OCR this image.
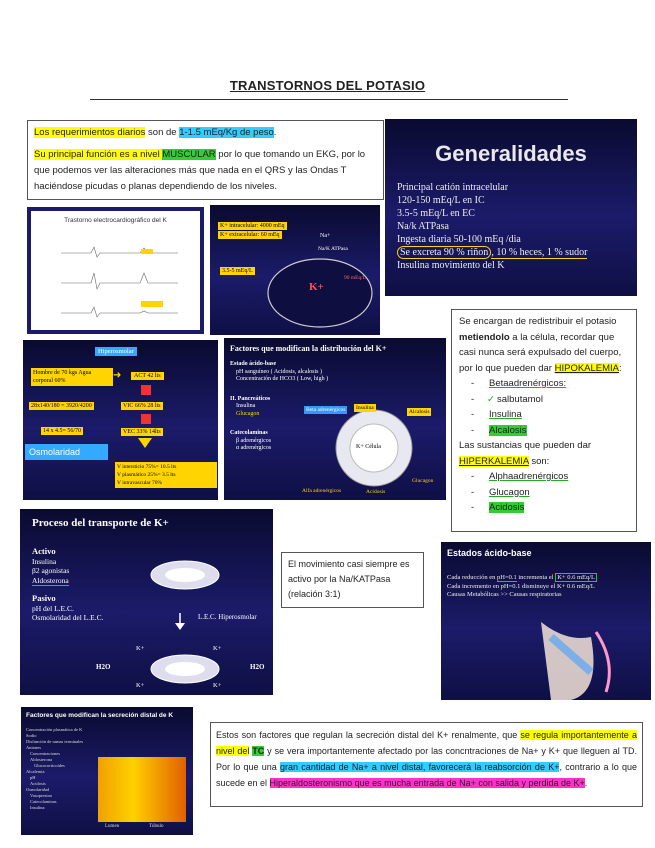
TRANSTORNOS DEL POTASIO
Los requerimientos diarios son de 1-1.5 mEq/Kg de peso.
Su principal función es a nivel MUSCULAR por lo que tomando un EKG, por lo que podemos ver las alteraciones más que nada en el QRS y las Ondas T haciéndose picudas o planas dependiendo de los niveles.
Generalidades
Principal catión intracelular
120-150 mEq/L en IC
3.5-5 mEq/L en EC
Na/k ATPasa
Ingesta diaria 50-100 mEq /dia
Se excreta 90 % riñon , 10 % heces, 1 % sudor
Insulina movimiento del K
Trastorno electrocardiográfico del K
K+ intracelular: 4000 mEq
K+ extracelular: 60 mEq
3.5-5 mEq/L
K+
Na+
Na/K ATPasa
90 mEq/L
Se encargan de redistribuir el potasio metiendolo a la célula, recordar que casi nunca será expulsado del cuerpo, por lo que pueden dar HIPOKALEMIA:
- Betaadrenérgicos:
- ✓ salbutamol
- Insulina
- Alcalosis
Las sustancias que pueden dar HIPERKALEMIA son:
- Alphaadrenérgicos
- Glucagon
- Acidosis
Hiperosmolar
Hombre de 70 kgs Agua corporal 60%
ACT 42 lts
➜
28x140/180 = 3920/4200	VIC 66% 28 lts
14 x 4.5= 56/70	VEC 33% 14lts
Osmolaridad
V intersticio 75%= 10.5 lts
V plasmático 25%= 3.5 lts
V intravascular 70%
Factores que modifican la distribución del K+
Estado ácido-base
pH sanguíneo ( Acidosis, alcalosis )
Concentración de HCO3 ( Low, high )
II. Pancreáticos
Insulina
Glucagon
Catecolaminas
β adrenérgicos
α adrenérgicos	K+ Célula
Beta adrenérgicos	Insulina
Alcalosis
Alfa adrenérgicos	Acidosis
Glucagon
Proceso del transporte de K+
Activo
Insulina
β2 agonistas
Aldosterona
Pasivo
pH del L.E.C.
Osmolaridad del L.E.C.	L.E.C. Hiperosmolar
H2O	H2O
K+	K+
K+	K+
El movimiento casi siempre es activo por la Na/KATPasa (relación 3:1)
Estados ácido-base
Cada reducción en pH=0.1 incrementa el K+ 0.6 mEq/L
Cada incremento en pH=0.1 disminuye el K+ 0.6 mEq/L
Causas Metabólicas >> Causas respiratorias
Factores que modifican la secreción distal de K
Concentración plasmática de K
Sodio
Disfunción de ramas terminales
Aniones
Concentraciones
Aldosterona
Glucocorticoides
Alcalemia
pH
Acidosis
Osmolaridad
Vasopresina
Catecolaminas
Insulina
Lumen	Túbulo
Estos son factores que regulan la secreción distal del K+ renalmente, que se regula importantemente a nivel del TC y se vera importantemente afectado por las concntraciones de Na+ y K+ que lleguen al TD. Por lo que una gran cantidad de Na+ a nivel distal, favorecerá la reabsorción de K+, contrario a lo que sucede en el Hiperaldosteronismo que es mucha entrada de Na+ con salida y perdida de K+.
